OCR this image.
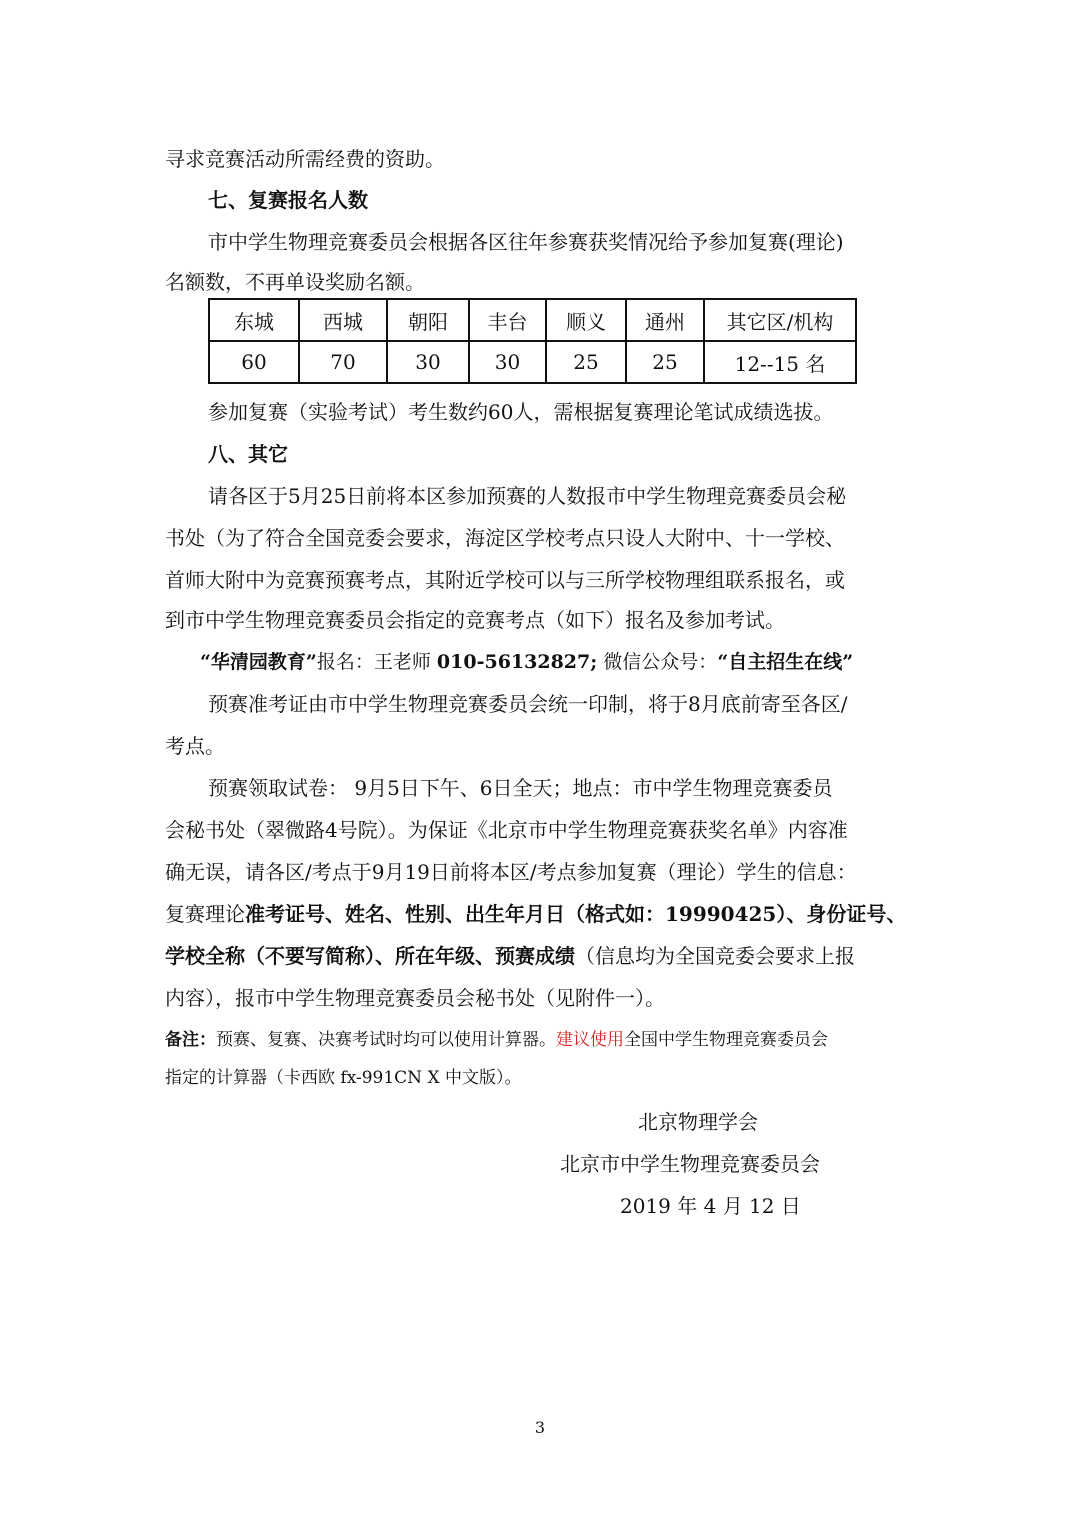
寻求竞赛活动所需经费的资助。
七、复赛报名人数
市中学生物理竞赛委员会根据各区往年参赛获奖情况给予参加复赛(理论)
名额数，不再单设奖励名额。
东城	西城	朝阳	丰台	顺义	通州	其它区/机构
60	70	30	30	25	25	12--15 名
参加复赛（实验考试）考生数约60人，需根据复赛理论笔试成绩选拔。
八、其它
请各区于5月25日前将本区参加预赛的人数报市中学生物理竞赛委员会秘
书处（为了符合全国竞委会要求，海淀区学校考点只设人大附中、十一学校、
首师大附中为竞赛预赛考点，其附近学校可以与三所学校物理组联系报名，或
到市中学生物理竞赛委员会指定的竞赛考点（如下）报名及参加考试。
“华清园教育”报名：王老师 010-56132827; 微信公众号：“自主招生在线”
预赛准考证由市中学生物理竞赛委员会统一印制，将于8月底前寄至各区/
考点。
预赛领取试卷： 9月5日下午、6日全天；地点：市中学生物理竞赛委员
会秘书处（翠微路4号院）。为保证《北京市中学生物理竞赛获奖名单》内容准
确无误，请各区/考点于9月19日前将本区/考点参加复赛（理论）学生的信息：
复赛理论准考证号、姓名、性别、出生年月日（格式如：19990425）、身份证号、
学校全称（不要写简称）、所在年级、预赛成绩（信息均为全国竞委会要求上报
内容），报市中学生物理竞赛委员会秘书处（见附件一）。
备注：预赛、复赛、决赛考试时均可以使用计算器。建议使用全国中学生物理竞赛委员会
指定的计算器（卡西欧 fx-991CN X 中文版）。
北京物理学会
北京市中学生物理竞赛委员会
2019 年 4 月 12 日
3
